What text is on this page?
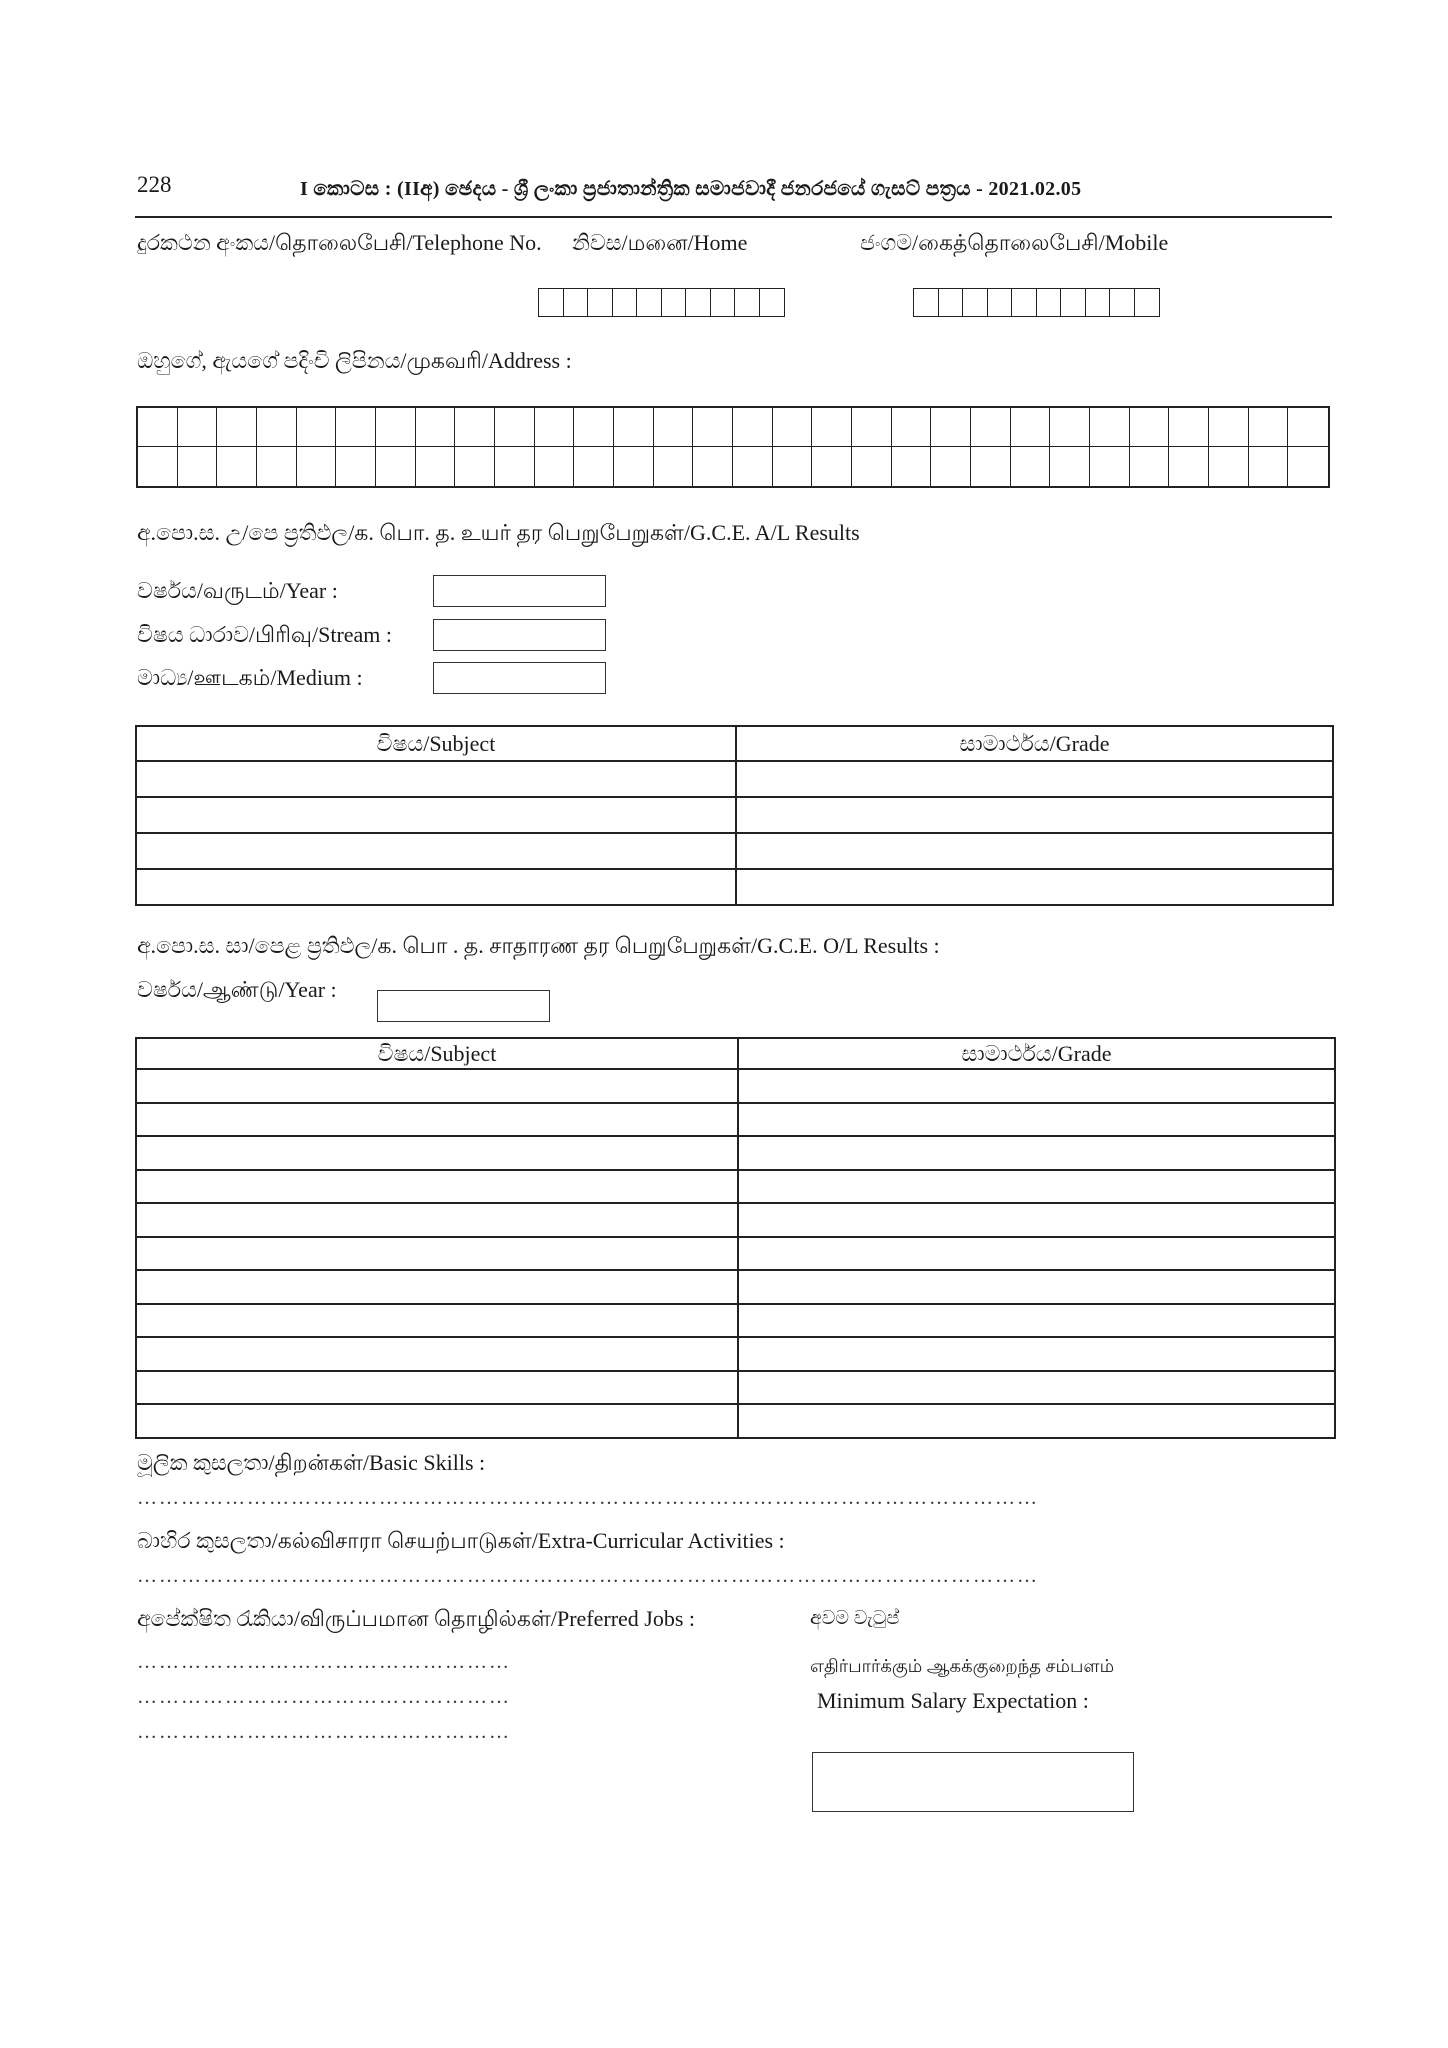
228	I කොටස : (IIඅ) ඡෙදය - ශ්‍රී ලංකා ප්‍රජාතාන්ත්‍රික සමාජවාදී ජනරජයේ ගැසට් පත්‍රය - 2021.02.05
දුරකථන අංකය/தொலைபேசி/Telephone No. නිවස/மனை/Home	ජංගම/கைத்தொலைபேசி/Mobile
ඔහුගේ, ඇයගේ පදිංචි ලිපිනය/முகவரி/Address :
අ.පො.ස. උ/පෙ ප්‍රතිඵල/க. பொ. த. உயர் தர பெறுபேறுகள்/G.C.E. A/L Results
වර්ෂය/வருடம்/Year :
විෂය ධාරාව/பிரிவு/Stream :
මාධ්‍ය/ஊடகம்/Medium :
විෂය/Subject	සාමාර්ථය/Grade

අ.පො.ස. සා/පෙළ ප්‍රතිඵල/க. பொ . த. சாதாரண தர பெறுபேறுகள்/G.C.E. O/L Results :
වර්ෂය/ஆண்டு/Year :
විෂය/Subject	සාමාර්ථය/Grade

මූලික කුසලතා/திறன்கள்/Basic Skills :
……………………………………………………………………………………………………………
බාහිර කුසලතා/கல்விசாரா செயற்பாடுகள்/Extra-Curricular Activities :
……………………………………………………………………………………………………………
අපේක්ෂිත රැකියා/விருப்பமான தொழில்கள்/Preferred Jobs :
……………………………………………
……………………………………………
……………………………………………
අවම වැටුප්
எதிர்பார்க்கும் ஆகக்குறைந்த சம்பளம்
Minimum Salary Expectation :
